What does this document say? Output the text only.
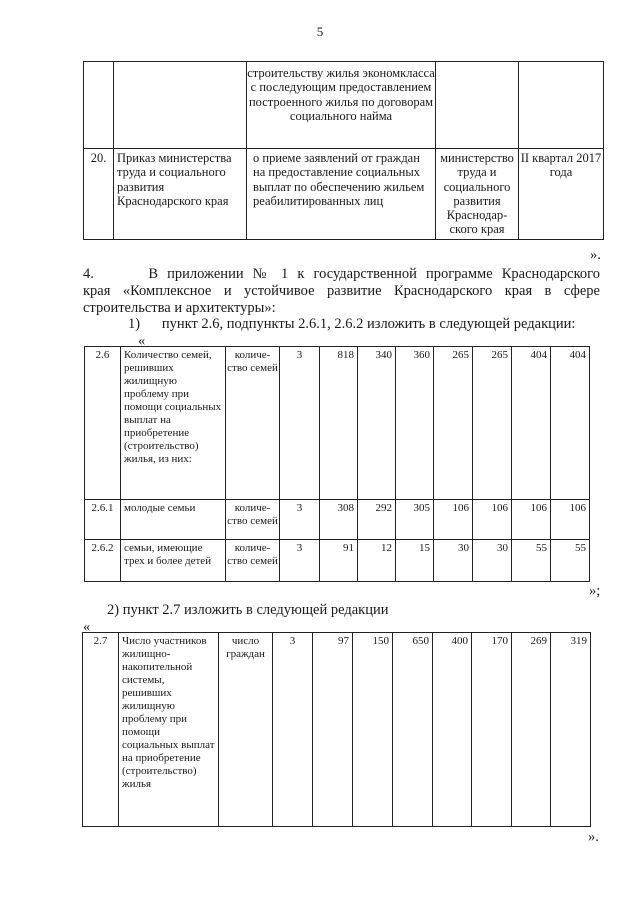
5
		строительству жилья экономкласса с последующим предоставлением построенного жилья по договорам социального найма		
20.	Приказ министерства труда и социального развития Краснодарского края	о приеме заявлений от граждан на предоставление социальных выплат по обеспечению жильем реабилитированных лиц	министерство труда и социального развития Краснодар-ского края	II квартал 2017 года
».
4.      В приложении № 1 к государственной программе Краснодарского
края «Комплексное и устойчивое развитие Краснодарского края в сфере
строительства и архитектуры»:
1)      пункт 2.6, подпункты 2.6.1, 2.6.2 изложить в следующей редакции:
«
2.6	Количество семей, решивших жилищную проблему при помощи социальных выплат на приобретение (строительство) жилья, из них:	количе-ство семей	3	818	340	360	265	265	404	404
2.6.1	молодые семьи	количе-ство семей	3	308	292	305	106	106	106	106
2.6.2	семьи, имеющие трех и более детей	количе-ство семей	3	91	12	15	30	30	55	55
»;
2) пункт 2.7 изложить в следующей редакции
«
2.7	Число участников жилищно-накопительной системы, решивших жилищную проблему при помощи социальных выплат на приобретение (строительство) жилья	число граждан	3	97	150	650	400	170	269	319
».
